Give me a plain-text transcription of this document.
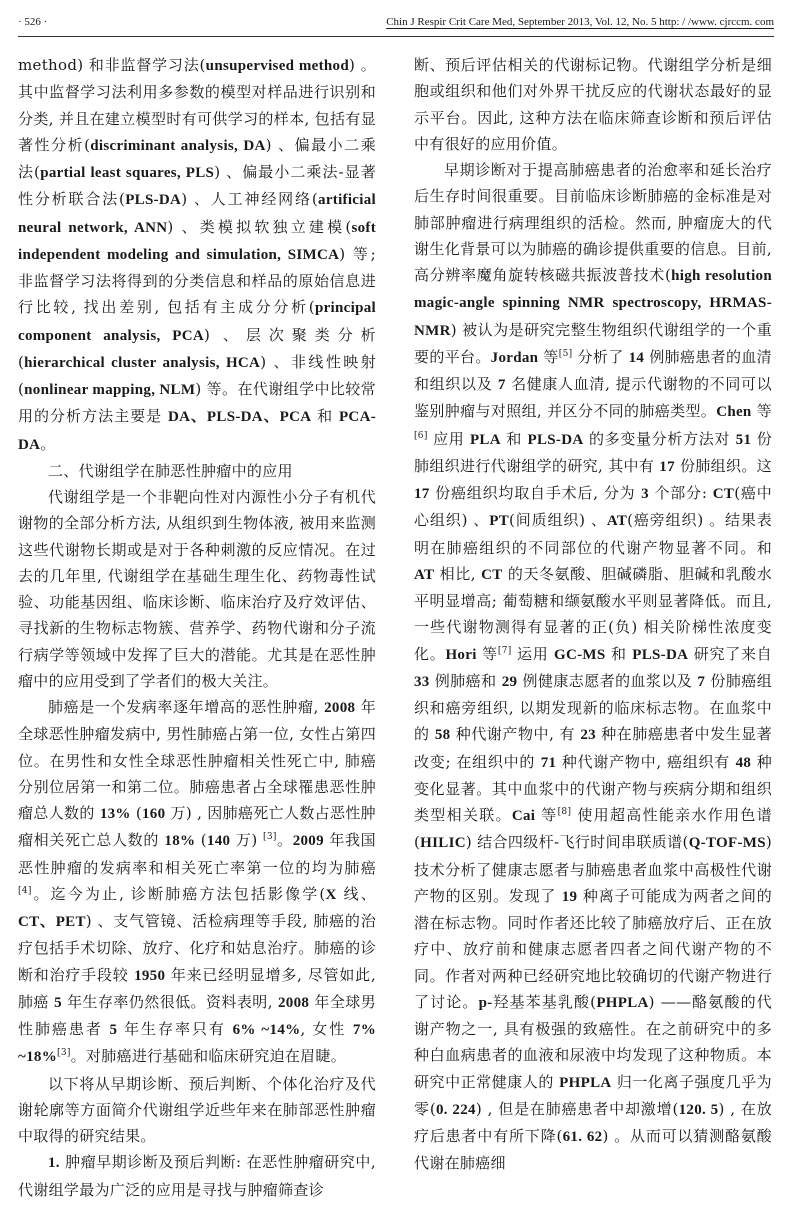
· 526 ·	Chin J Respir Crit Care Med, September 2013, Vol. 12, No. 5 http: / /www. cjrccm. com

method) 和非监督学习法(unsupervised method) 。其中监督学习法利用多参数的模型对样品进行识别和分类, 并且在建立模型时有可供学习的样本, 包括有显著性分析(discriminant analysis, DA) 、偏最小二乘法(partial least squares, PLS) 、偏最小二乘法-显著性分析联合法(PLS-DA) 、人工神经网络(artificial neural network, ANN) 、类模拟软独立建模(soft independent modeling and simulation, SIMCA) 等; 非监督学习法将得到的分类信息和样品的原始信息进行比较, 找出差别, 包括有主成分分析(principal component analysis, PCA) 、层次聚类分析(hierarchical cluster analysis, HCA) 、非线性映射(nonlinear mapping, NLM) 等。在代谢组学中比较常用的分析方法主要是 DA、PLS-DA、PCA 和 PCA-DA。

二、代谢组学在肺恶性肿瘤中的应用

代谢组学是一个非靶向性对内源性小分子有机代谢物的全部分析方法, 从组织到生物体液, 被用来监测这些代谢物长期或是对于各种刺激的反应情况。在过去的几年里, 代谢组学在基础生理生化、药物毒性试验、功能基因组、临床诊断、临床治疗及疗效评估、寻找新的生物标志物簇、营养学、药物代谢和分子流行病学等领域中发挥了巨大的潜能。尤其是在恶性肿瘤中的应用受到了学者们的极大关注。

肺癌是一个发病率逐年增高的恶性肿瘤, 2008 年全球恶性肿瘤发病中, 男性肺癌占第一位, 女性占第四位。在男性和女性全球恶性肿瘤相关性死亡中, 肺癌分别位居第一和第二位。肺癌患者占全球罹患恶性肿瘤总人数的 13% (160 万) , 因肺癌死亡人数占恶性肿瘤相关死亡总人数的 18% (140 万) [3]。2009 年我国恶性肿瘤的发病率和相关死亡率第一位的均为肺癌[4]。迄今为止, 诊断肺癌方法包括影像学(X 线、CT、PET) 、支气管镜、活检病理等手段, 肺癌的治疗包括手术切除、放疗、化疗和姑息治疗。肺癌的诊断和治疗手段较 1950 年来已经明显增多, 尽管如此, 肺癌 5 年生存率仍然很低。资料表明, 2008 年全球男性肺癌患者 5 年生存率只有 6% ~14%, 女性 7% ~18%[3]。对肺癌进行基础和临床研究迫在眉睫。

以下将从早期诊断、预后判断、个体化治疗及代谢轮廓等方面简介代谢组学近些年来在肺部恶性肿瘤中取得的研究结果。

1. 肿瘤早期诊断及预后判断: 在恶性肿瘤研究中, 代谢组学最为广泛的应用是寻找与肿瘤筛查诊

断、预后评估相关的代谢标记物。代谢组学分析是细胞或组织和他们对外界干扰反应的代谢状态最好的显示平台。因此, 这种方法在临床筛查诊断和预后评估中有很好的应用价值。

早期诊断对于提高肺癌患者的治愈率和延长治疗后生存时间很重要。目前临床诊断肺癌的金标准是对肺部肿瘤进行病理组织的活检。然而, 肿瘤庞大的代谢生化背景可以为肺癌的确诊提供重要的信息。目前, 高分辨率魔角旋转核磁共振波普技术(high resolution magic-angle spinning NMR spectroscopy, HRMAS-NMR) 被认为是研究完整生物组织代谢组学的一个重要的平台。Jordan 等[5] 分析了 14 例肺癌患者的血清和组织以及 7 名健康人血清, 提示代谢物的不同可以鉴别肿瘤与对照组, 并区分不同的肺癌类型。Chen 等[6] 应用 PLA 和 PLS-DA 的多变量分析方法对 51 份肺组织进行代谢组学的研究, 其中有 17 份肺组织。这 17 份癌组织均取自手术后, 分为 3 个部分: CT(癌中心组织) 、PT(间质组织) 、AT(癌旁组织) 。结果表明在肺癌组织的不同部位的代谢产物显著不同。和 AT 相比, CT 的天冬氨酸、胆碱磷脂、胆碱和乳酸水平明显增高; 葡萄糖和缬氨酸水平则显著降低。而且, 一些代谢物测得有显著的正(负) 相关阶梯性浓度变化。Hori 等[7] 运用 GC-MS 和 PLS-DA 研究了来自 33 例肺癌和 29 例健康志愿者的血浆以及 7 份肺癌组织和癌旁组织, 以期发现新的临床标志物。在血浆中的 58 种代谢产物中, 有 23 种在肺癌患者中发生显著改变; 在组织中的 71 种代谢产物中, 癌组织有 48 种变化显著。其中血浆中的代谢产物与疾病分期和组织类型相关联。Cai 等[8] 使用超高性能亲水作用色谱(HILIC) 结合四级杆-飞行时间串联质谱(Q-TOF-MS) 技术分析了健康志愿者与肺癌患者血浆中高极性代谢产物的区别。发现了 19 种离子可能成为两者之间的潜在标志物。同时作者还比较了肺癌放疗后、正在放疗中、放疗前和健康志愿者四者之间代谢产物的不同。作者对两种已经研究地比较确切的代谢产物进行了讨论。p-羟基苯基乳酸(PHPLA) ——酪氨酸的代谢产物之一, 具有极强的致癌性。在之前研究中的多种白血病患者的血液和尿液中均发现了这种物质。本研究中正常健康人的 PHPLA 归一化离子强度几乎为零(0. 224) , 但是在肺癌患者中却激增(120. 5) , 在放疗后患者中有所下降(61. 62) 。从而可以猜测酪氨酸代谢在肺癌细
